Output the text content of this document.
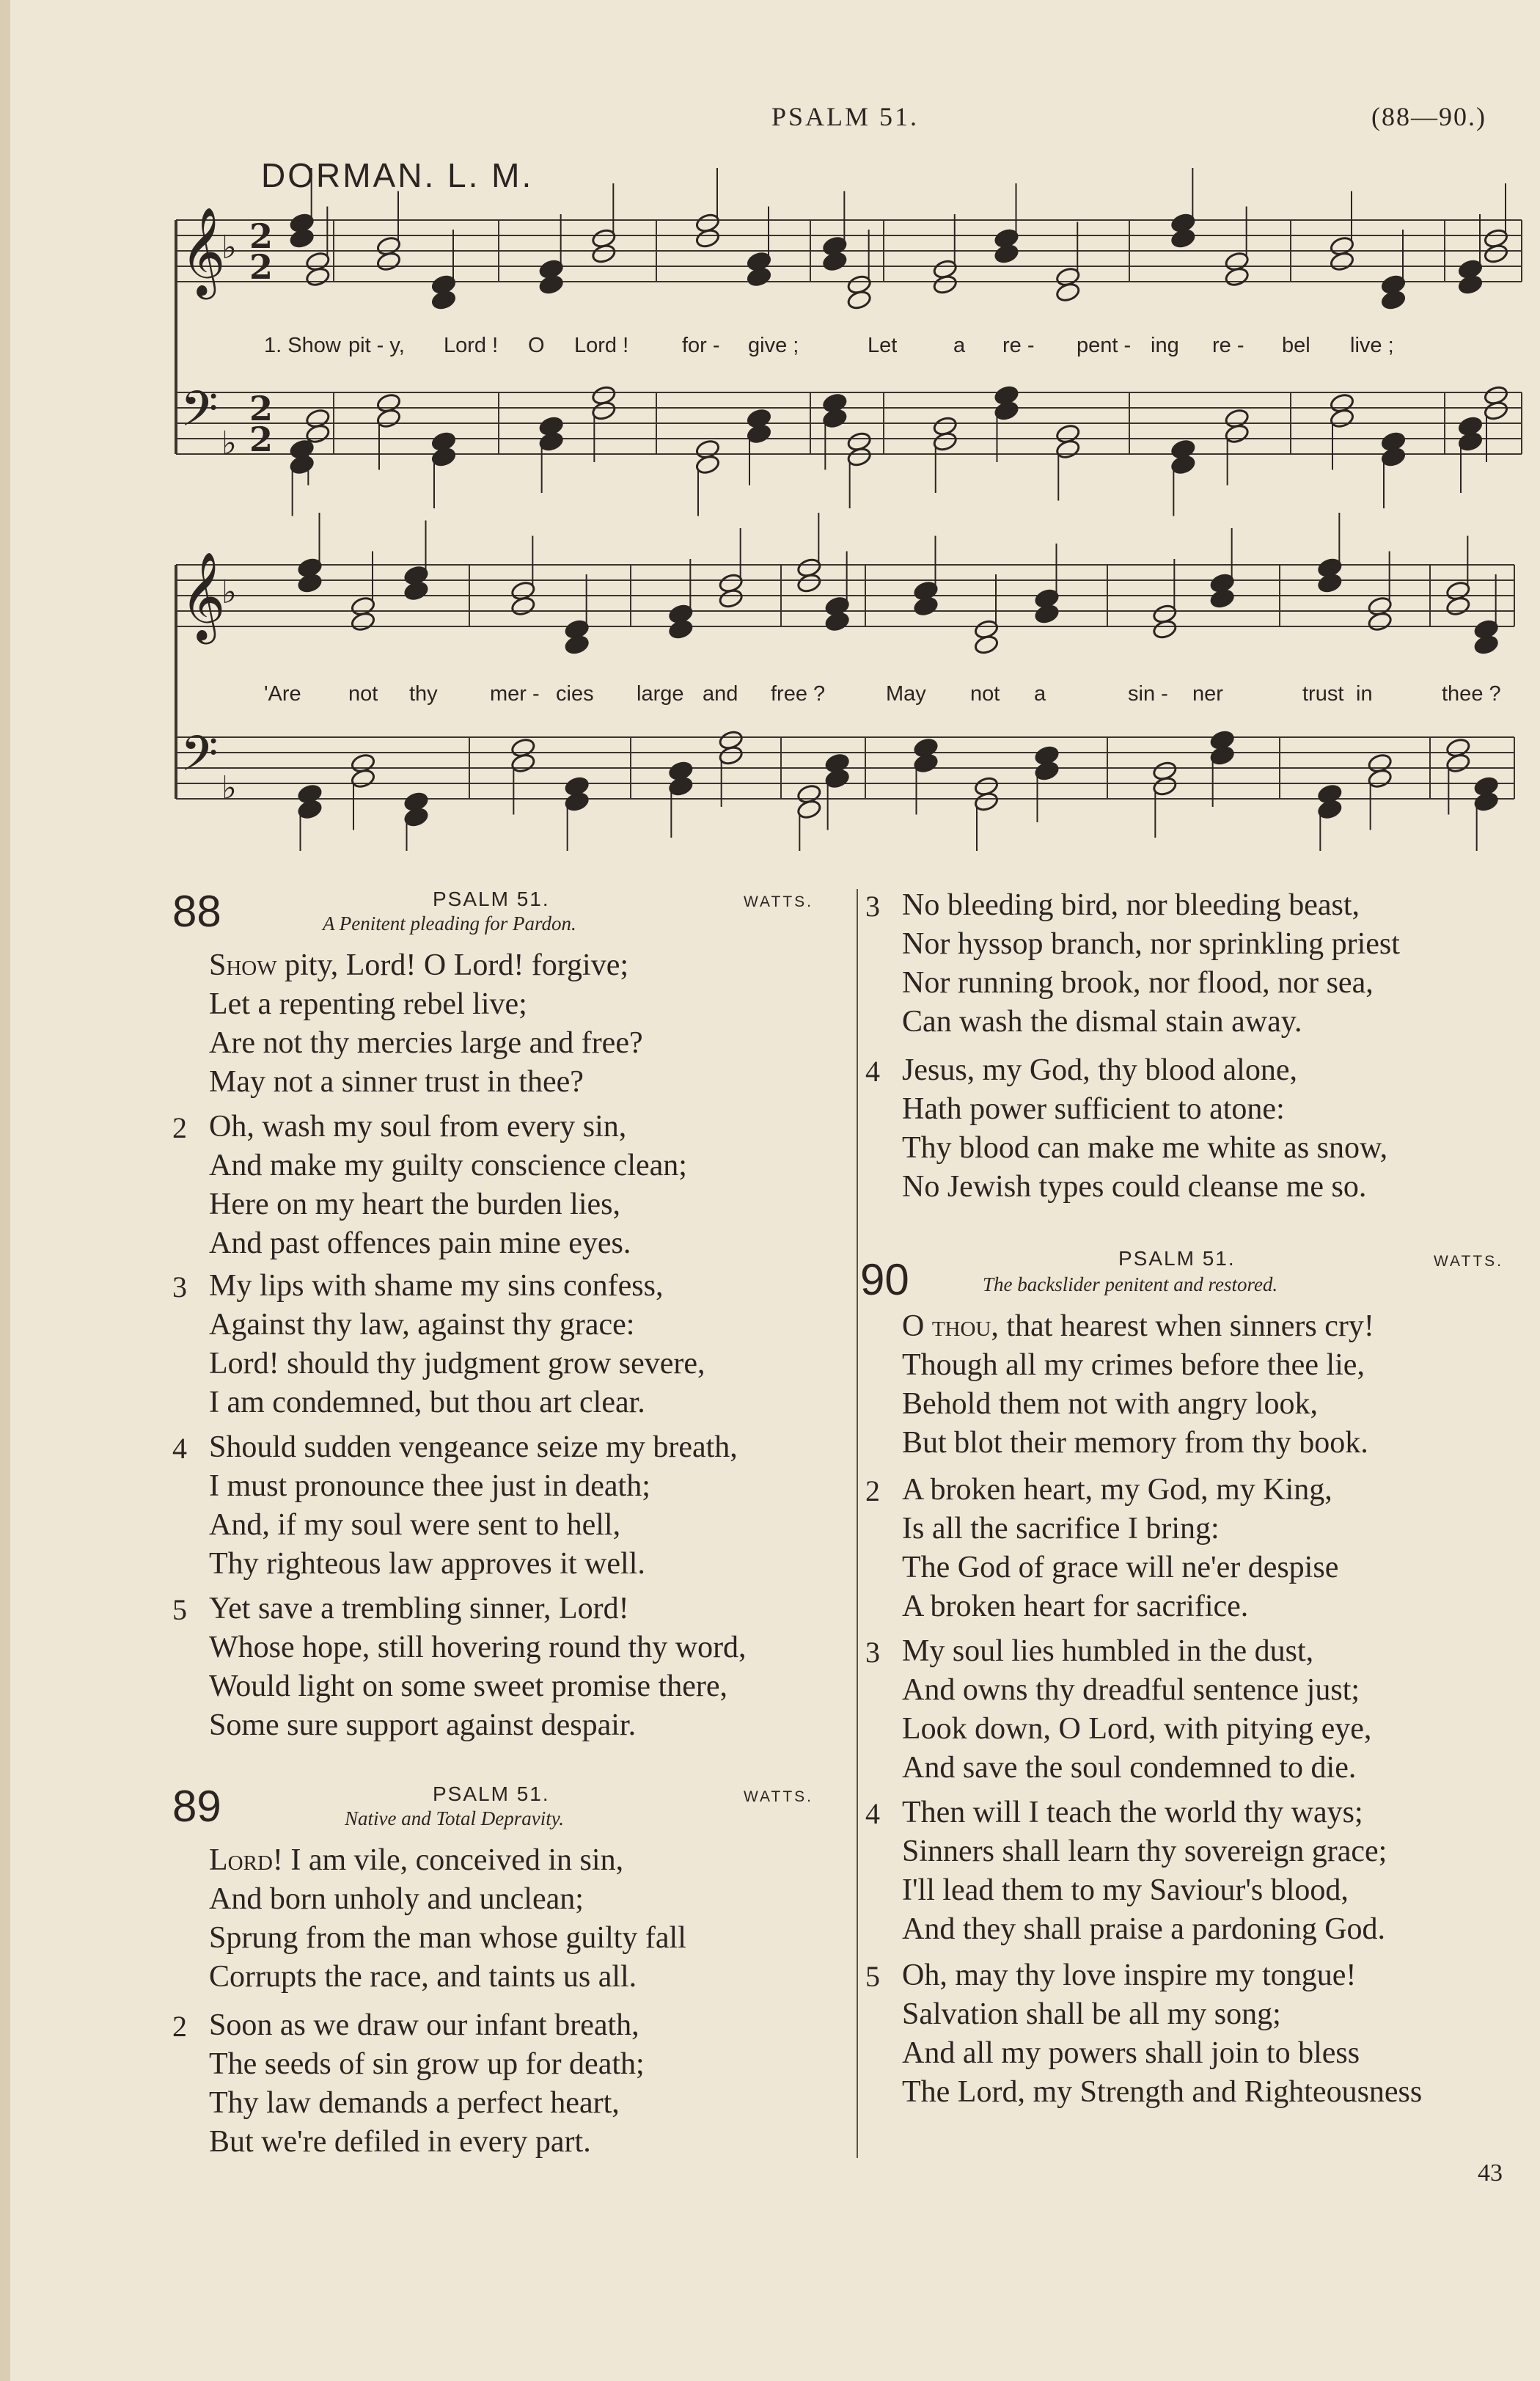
PSALM 51.	(88—90.)
DORMAN. L. M.
𝄞
♭ 2
2
𝄢 ♭
2
2
𝄞
♭
𝄢 ♭
1. Show pit - y, Lord ! O Lord !	for - give ;	Let	a re - pent - ing re - bel live ;
'Are not thy mer - cies large and free ?	May not a	sin - ner	trust in	thee ?
88	PSALM 51.	WATTS.
A Penitent pleading for Pardon.
Show pity, Lord! O Lord! forgive;
Let a repenting rebel live;
Are not thy mercies large and free?
May not a sinner trust in thee?
2 Oh, wash my soul from every sin,
And make my guilty conscience clean;
Here on my heart the burden lies,
And past offences pain mine eyes.
3 My lips with shame my sins confess,
Against thy law, against thy grace:
Lord! should thy judgment grow severe,
I am condemned, but thou art clear.
4 Should sudden vengeance seize my breath,
I must pronounce thee just in death;
And, if my soul were sent to hell,
Thy righteous law approves it well.
5 Yet save a trembling sinner, Lord!
Whose hope, still hovering round thy word,
Would light on some sweet promise there,
Some sure support against despair.
89	PSALM 51.	WATTS.
Native and Total Depravity.
Lord! I am vile, conceived in sin,
And born unholy and unclean;
Sprung from the man whose guilty fall
Corrupts the race, and taints us all.
2 Soon as we draw our infant breath,
The seeds of sin grow up for death;
Thy law demands a perfect heart,
But we're defiled in every part.
3 No bleeding bird, nor bleeding beast,
Nor hyssop branch, nor sprinkling priest
Nor running brook, nor flood, nor sea,
Can wash the dismal stain away.
4 Jesus, my God, thy blood alone,
Hath power sufficient to atone:
Thy blood can make me white as snow,
No Jewish types could cleanse me so.
90	PSALM 51.	WATTS.
The backslider penitent and restored.
O thou, that hearest when sinners cry!
Though all my crimes before thee lie,
Behold them not with angry look,
But blot their memory from thy book.
2 A broken heart, my God, my King,
Is all the sacrifice I bring:
The God of grace will ne'er despise
A broken heart for sacrifice.
3 My soul lies humbled in the dust,
And owns thy dreadful sentence just;
Look down, O Lord, with pitying eye,
And save the soul condemned to die.
4 Then will I teach the world thy ways;
Sinners shall learn thy sovereign grace;
I'll lead them to my Saviour's blood,
And they shall praise a pardoning God.
5 Oh, may thy love inspire my tongue!
Salvation shall be all my song;
And all my powers shall join to bless
The Lord, my Strength and Righteousness
43
